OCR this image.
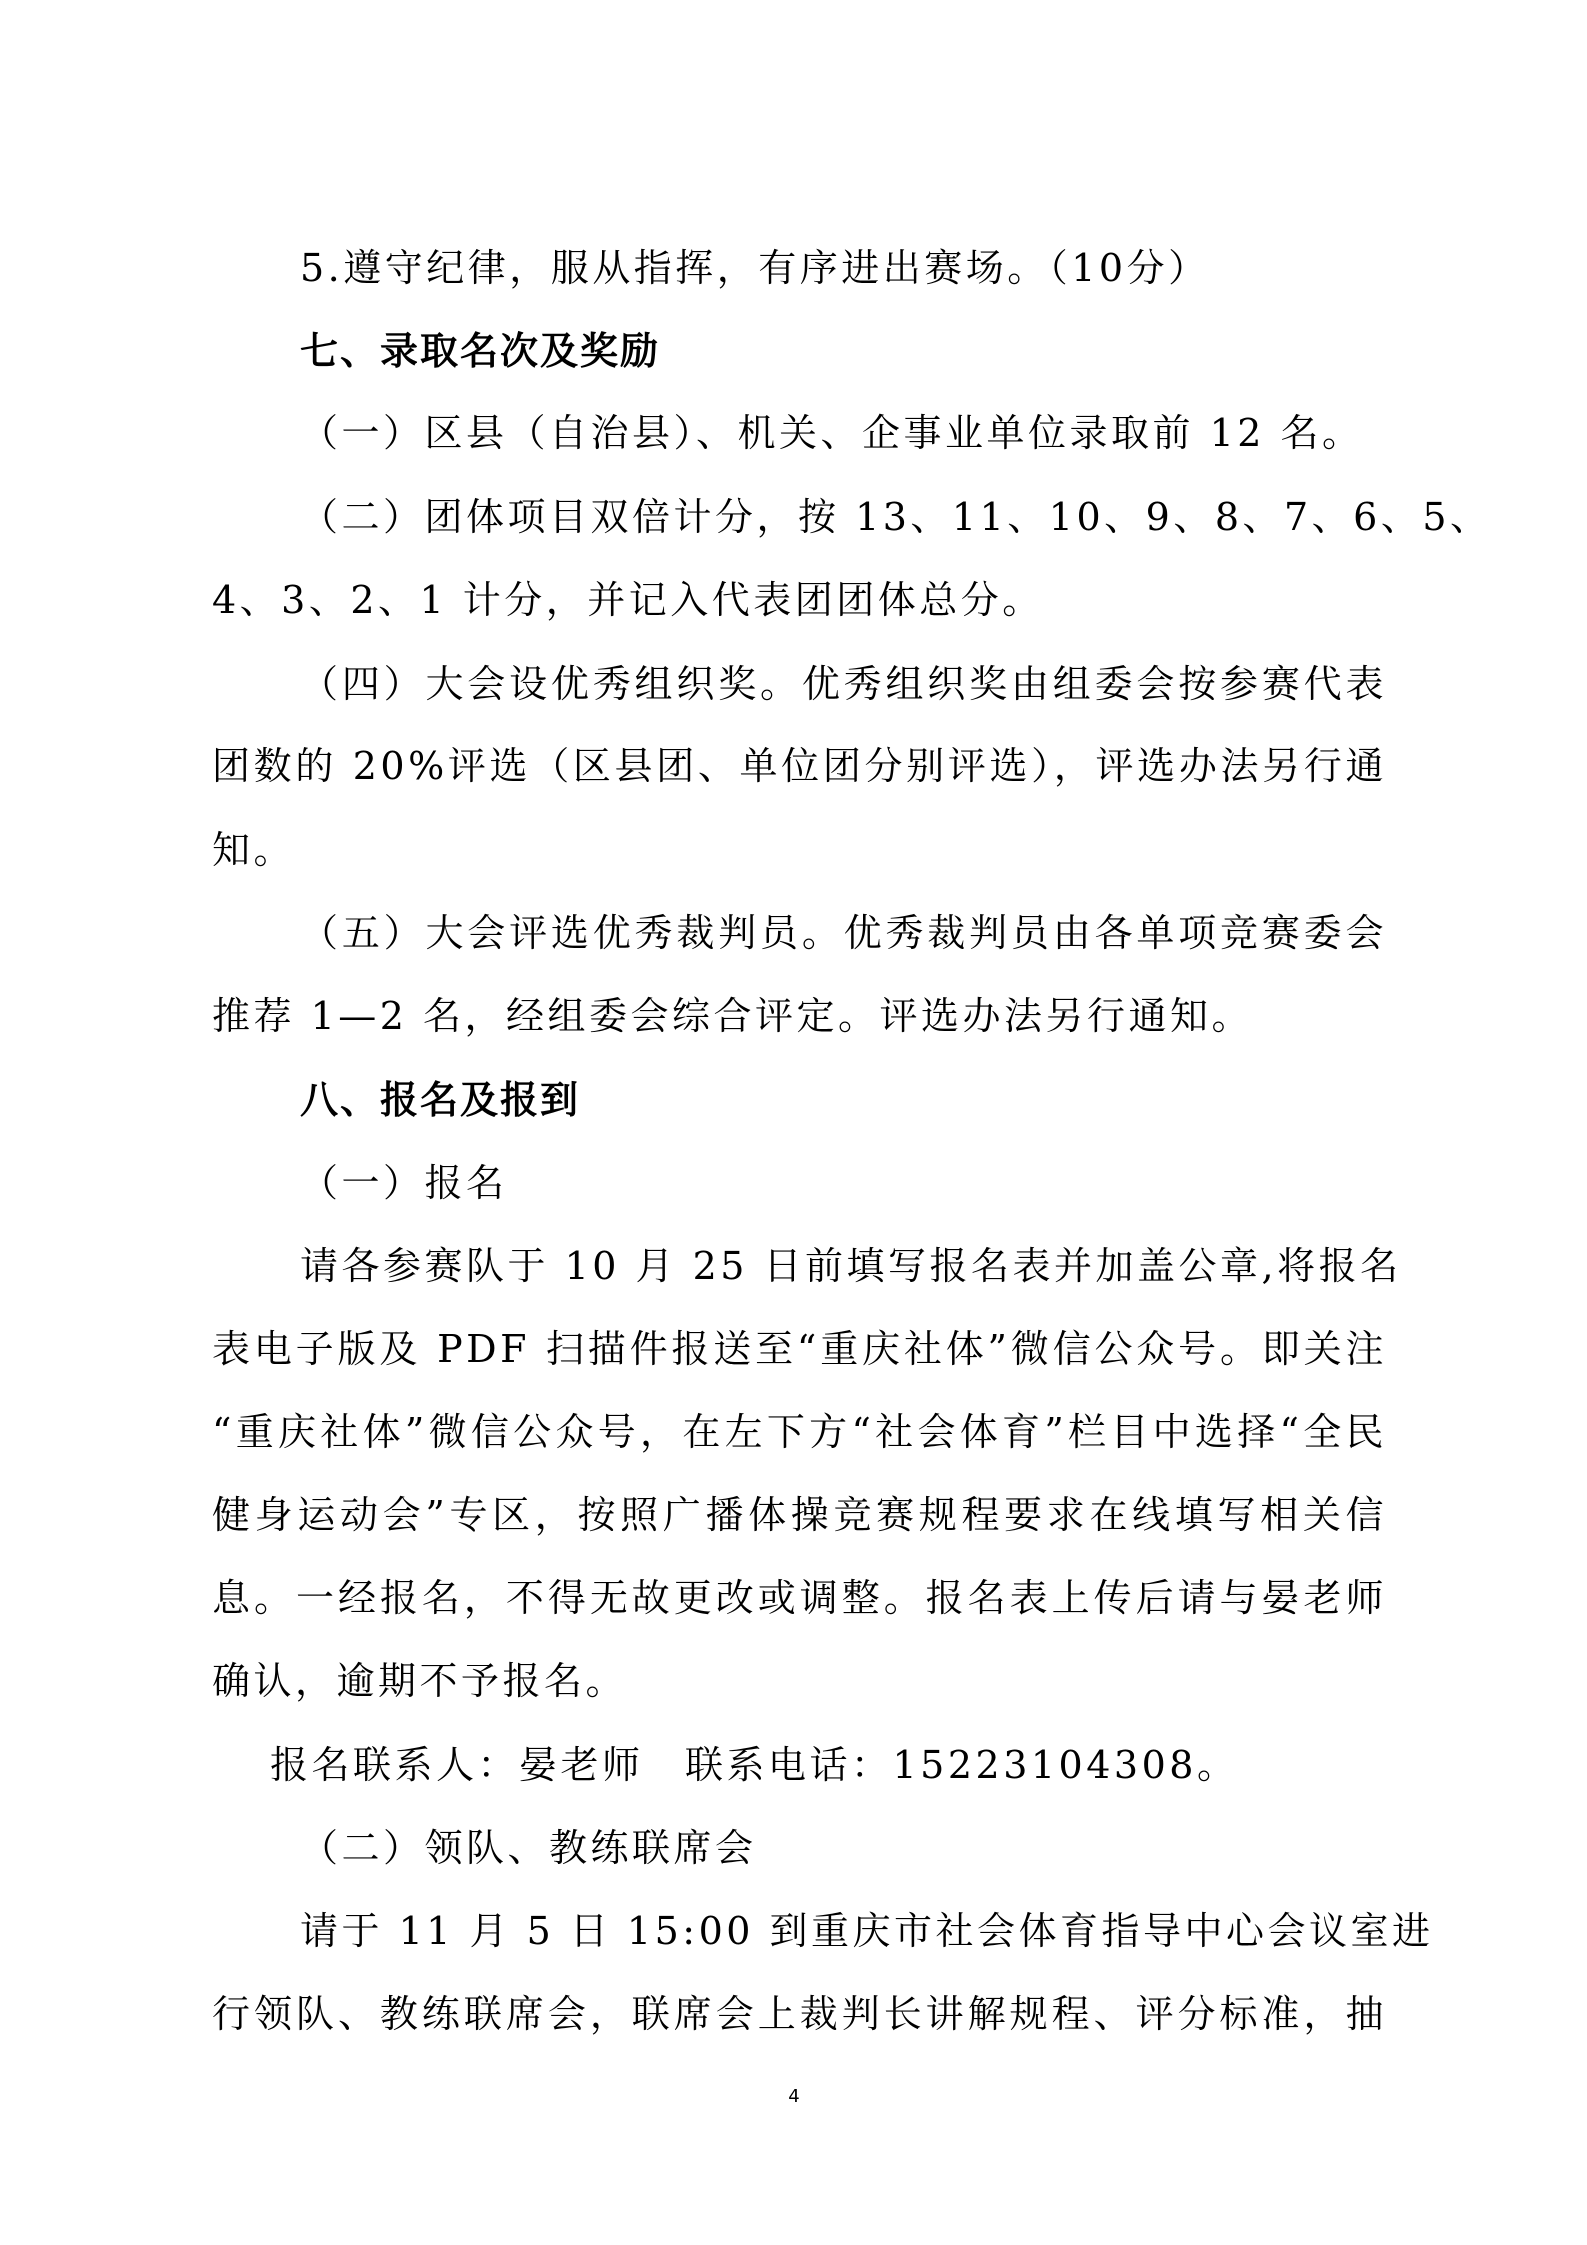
5.遵守纪律，服从指挥，有序进出赛场。（10分）
七、录取名次及奖励
（一）区县（自治县）、机关、企事业单位录取前 12 名。
（二）团体项目双倍计分，按 13、11、10、9、8、7、6、5、
4、3、2、1 计分，并记入代表团团体总分。
（四）大会设优秀组织奖。优秀组织奖由组委会按参赛代表
团数的 20%评选（区县团、单位团分别评选），评选办法另行通
知。
（五）大会评选优秀裁判员。优秀裁判员由各单项竞赛委会
推荐 1—2 名，经组委会综合评定。评选办法另行通知。
八、报名及报到
（一）报名
请各参赛队于 10 月 25 日前填写报名表并加盖公章,将报名
表电子版及 PDF 扫描件报送至“重庆社体”微信公众号。即关注
“重庆社体”微信公众号，在左下方“社会体育”栏目中选择“全民
健身运动会”专区，按照广播体操竞赛规程要求在线填写相关信
息。一经报名，不得无故更改或调整。报名表上传后请与晏老师
确认，逾期不予报名。
报名联系人：晏老师　联系电话：15223104308。
（二）领队、教练联席会
请于 11 月 5 日 15:00 到重庆市社会体育指导中心会议室进
行领队、教练联席会，联席会上裁判长讲解规程、评分标准，抽
4
